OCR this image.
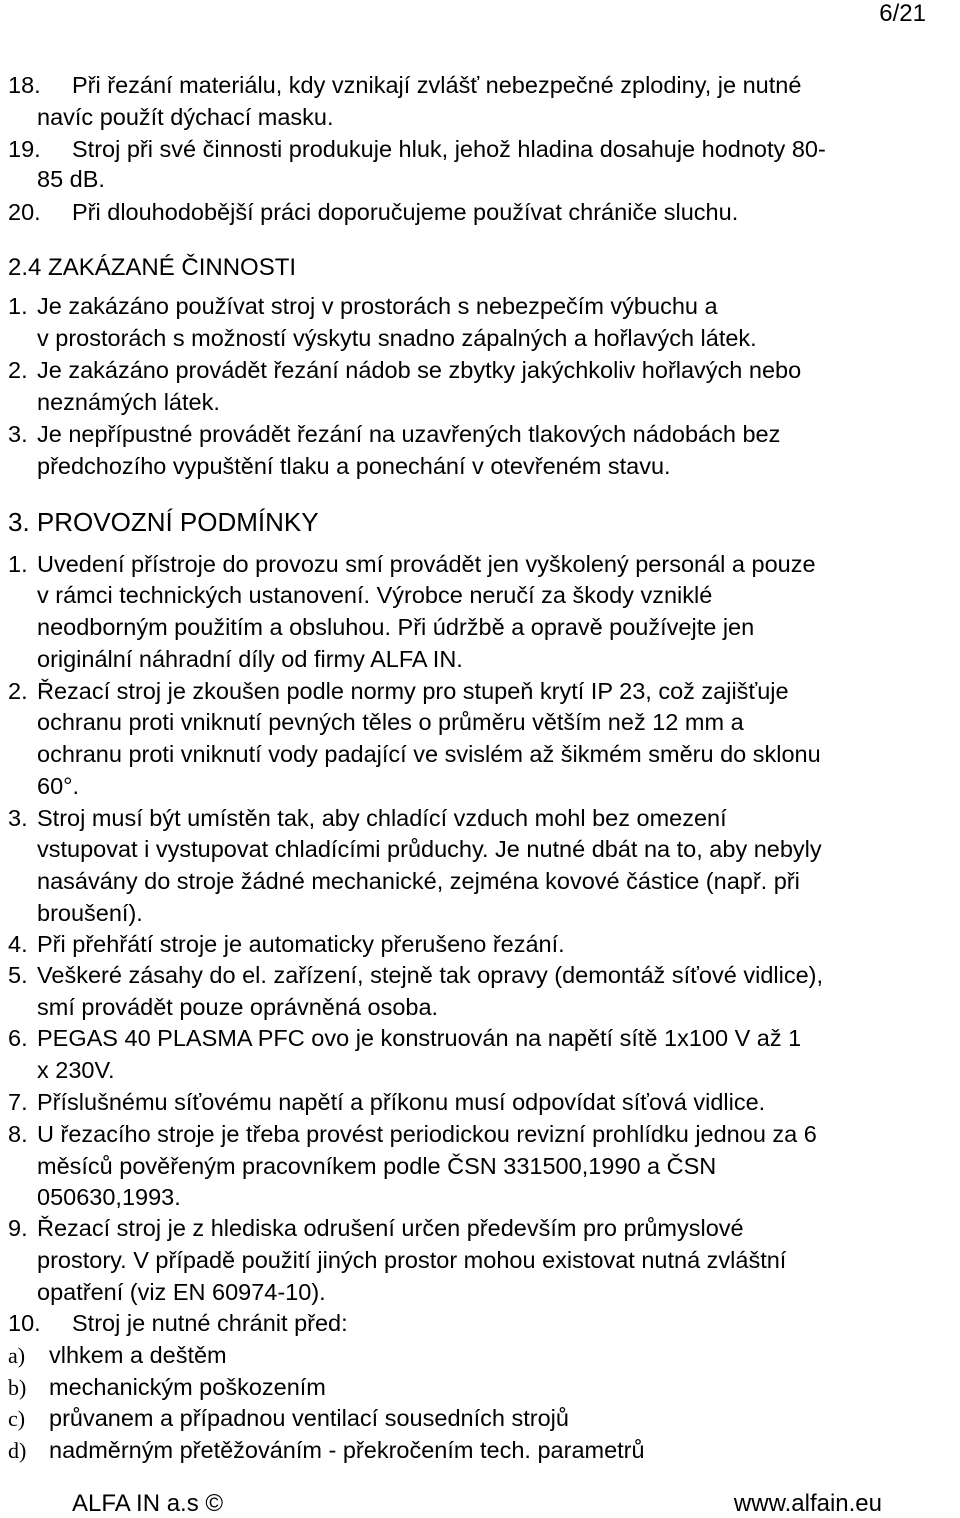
6/21
18. Při řezání materiálu, kdy vznikají zvlášť nebezpečné zplodiny, je nutné
navíc použít dýchací masku.
19. Stroj při své činnosti produkuje hluk, jehož hladina dosahuje hodnoty 80-
85 dB.
20. Při dlouhodobější práci doporučujeme používat chrániče sluchu.
2.4 ZAKÁZANÉ ČINNOSTI
1. Je zakázáno používat stroj v prostorách s nebezpečím výbuchu a
v prostorách s možností výskytu snadno zápalných a hořlavých látek.
2. Je zakázáno provádět řezání nádob se zbytky jakýchkoliv hořlavých nebo
neznámých látek.
3. Je nepřípustné provádět řezání na uzavřených tlakových nádobách bez
předchozího vypuštění tlaku a ponechání v otevřeném stavu.
3. PROVOZNÍ PODMÍNKY
1. Uvedení přístroje do provozu smí provádět jen vyškolený personál a pouze
v rámci technických ustanovení. Výrobce neručí za škody vzniklé
neodborným použitím a obsluhou. Při údržbě a opravě používejte jen
originální náhradní díly od firmy ALFA IN.
2. Řezací stroj je zkoušen podle normy pro stupeň krytí IP 23, což zajišťuje
ochranu proti vniknutí pevných těles o průměru větším než 12 mm a
ochranu proti vniknutí vody padající ve svislém až šikmém směru do sklonu
60°.
3. Stroj musí být umístěn tak, aby chladící vzduch mohl bez omezení
vstupovat i vystupovat chladícími průduchy. Je nutné dbát na to, aby nebyly
nasávány do stroje žádné mechanické, zejména kovové částice (např. při
broušení).
4. Při přehřátí stroje je automaticky přerušeno řezání.
5. Veškeré zásahy do el. zařízení, stejně tak opravy (demontáž síťové vidlice),
smí provádět pouze oprávněná osoba.
6. PEGAS 40 PLASMA PFC ovo je konstruován na napětí sítě 1x100 V až 1
x 230V.
7. Příslušnému síťovému napětí a příkonu musí odpovídat síťová vidlice.
8. U řezacího stroje je třeba provést periodickou revizní prohlídku jednou za 6
měsíců pověřeným pracovníkem podle ČSN 331500,1990 a ČSN
050630,1993.
9. Řezací stroj je z hlediska odrušení určen především pro průmyslové
prostory. V případě použití jiných prostor mohou existovat nutná zvláštní
opatření (viz EN 60974-10).
10. Stroj je nutné chránit před:
a) vlhkem a deštěm
b) mechanickým poškozením
c) průvanem a případnou ventilací sousedních strojů
d) nadměrným přetěžováním - překročením tech. parametrů
ALFA IN a.s ©	www.alfain.eu
